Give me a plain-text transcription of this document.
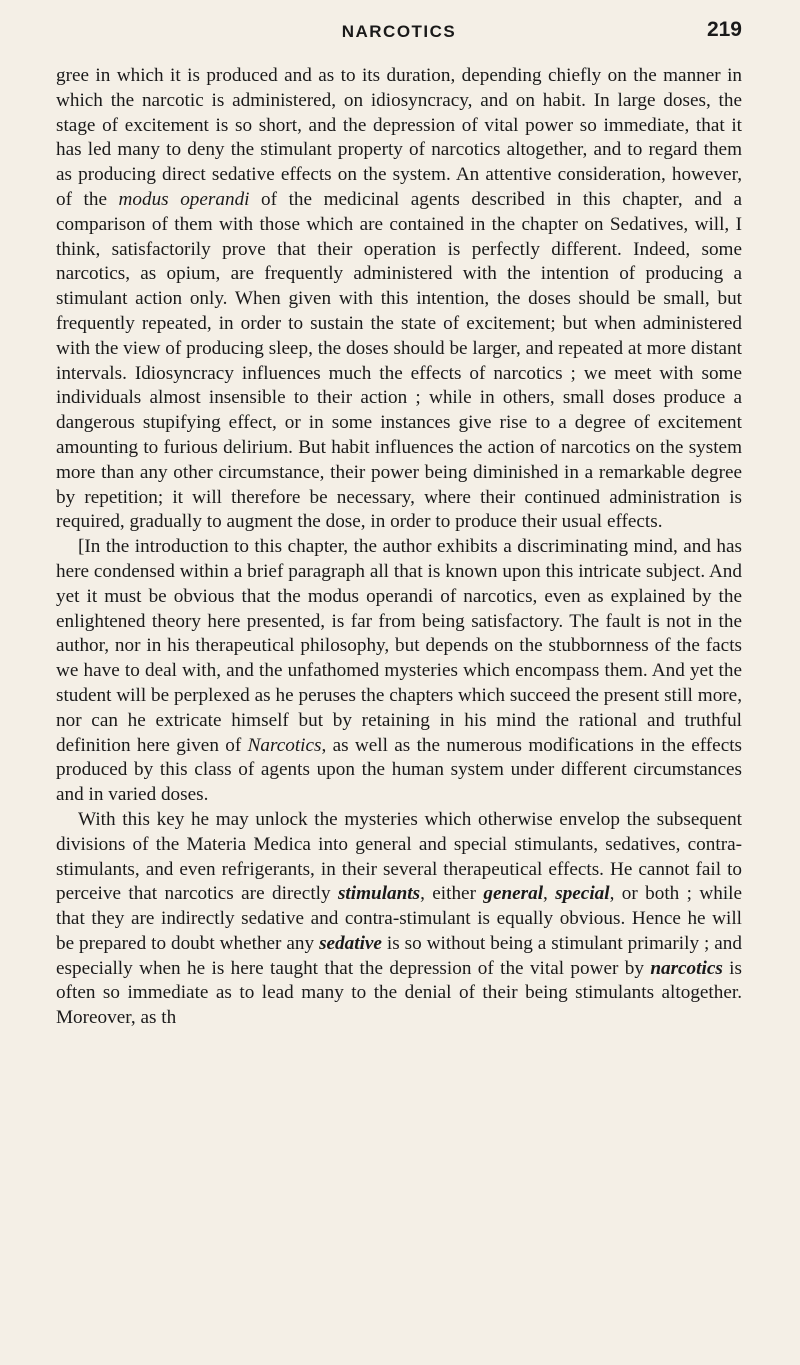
NARCOTICS	219

gree in which it is produced and as to its duration, depending chiefly on the manner in which the narcotic is administered, on idiosyncracy, and on habit. In large doses, the stage of excitement is so short, and the depression of vital power so immediate, that it has led many to deny the stimulant property of narcotics altogether, and to regard them as producing direct sedative effects on the system. An attentive consideration, however, of the modus operandi of the medicinal agents described in this chapter, and a comparison of them with those which are contained in the chapter on Sedatives, will, I think, satisfactorily prove that their operation is perfectly different. Indeed, some narcotics, as opium, are frequently administered with the intention of producing a stimulant action only. When given with this intention, the doses should be small, but frequently repeated, in order to sustain the state of excitement; but when administered with the view of producing sleep, the doses should be larger, and repeated at more distant intervals. Idiosyncracy influences much the effects of narcotics ; we meet with some individuals almost insensible to their action ; while in others, small doses produce a dangerous stupifying effect, or in some instances give rise to a degree of excitement amounting to furious delirium. But habit influences the action of narcotics on the system more than any other circumstance, their power being diminished in a remarkable degree by repetition; it will therefore be necessary, where their continued administration is required, gradually to augment the dose, in order to produce their usual effects.

[In the introduction to this chapter, the author exhibits a discriminating mind, and has here condensed within a brief paragraph all that is known upon this intricate subject. And yet it must be obvious that the modus operandi of narcotics, even as explained by the enlightened theory here presented, is far from being satisfactory. The fault is not in the author, nor in his therapeutical philosophy, but depends on the stubbornness of the facts we have to deal with, and the unfathomed mysteries which encompass them. And yet the student will be perplexed as he peruses the chapters which succeed the present still more, nor can he extricate himself but by retaining in his mind the rational and truthful definition here given of Narcotics, as well as the numerous modifications in the effects produced by this class of agents upon the human system under different circumstances and in varied doses.

With this key he may unlock the mysteries which otherwise envelop the subsequent divisions of the Materia Medica into general and special stimulants, sedatives, contra-stimulants, and even refrigerants, in their several therapeutical effects. He cannot fail to perceive that narcotics are directly stimulants, either general, special, or both ; while that they are indirectly sedative and contra-stimulant is equally obvious. Hence he will be prepared to doubt whether any sedative is so without being a stimulant primarily ; and especially when he is here taught that the depression of the vital power by narcotics is often so immediate as to lead many to the denial of their being stimulants altogether. Moreover, as th
